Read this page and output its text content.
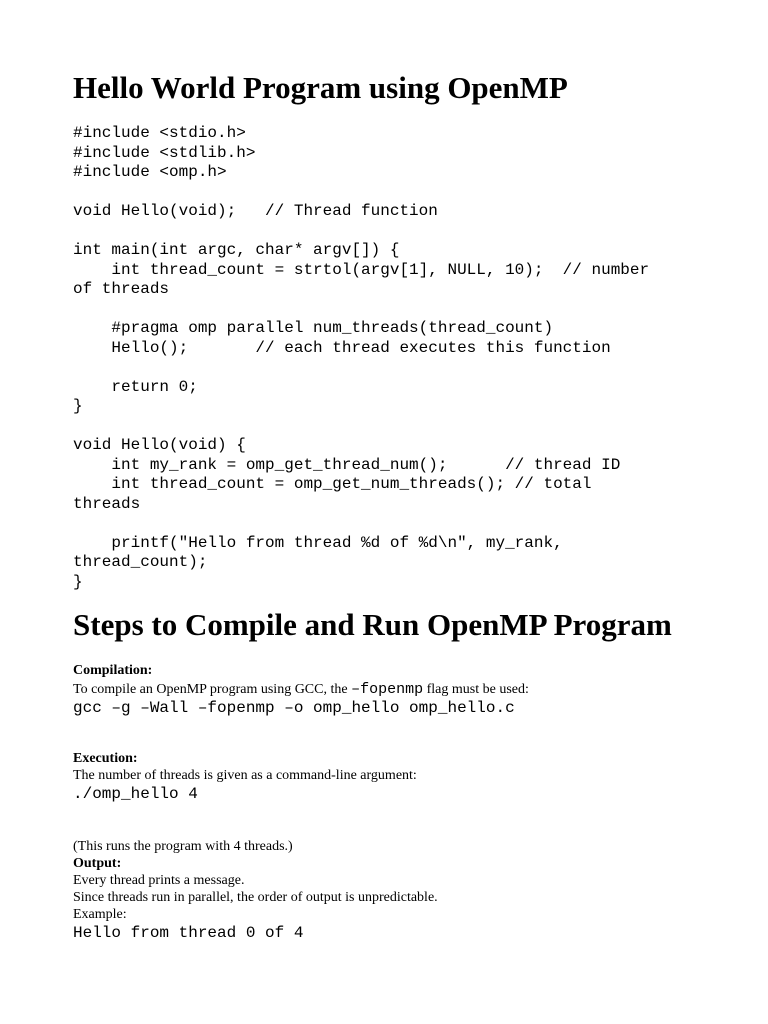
Hello World Program using OpenMP
#include <stdio.h>
#include <stdlib.h>
#include <omp.h>
void Hello(void);   // Thread function
int main(int argc, char* argv[]) {
int thread_count = strtol(argv[1], NULL, 10);  // number
of threads
#pragma omp parallel num_threads(thread_count)
Hello();       // each thread executes this function
return 0;
}
void Hello(void) {
int my_rank = omp_get_thread_num();      // thread ID
int thread_count = omp_get_num_threads(); // total
threads
printf("Hello from thread %d of %d\n", my_rank,
thread_count);
}
Steps to Compile and Run OpenMP Program
Compilation:
To compile an OpenMP program using GCC, the –fopenmp flag must be used:
gcc –g –Wall –fopenmp –o omp_hello omp_hello.c
Execution:
The number of threads is given as a command-line argument:
./omp_hello 4
(This runs the program with 4 threads.)
Output:
Every thread prints a message.
Since threads run in parallel, the order of output is unpredictable.
Example:
Hello from thread 0 of 4
